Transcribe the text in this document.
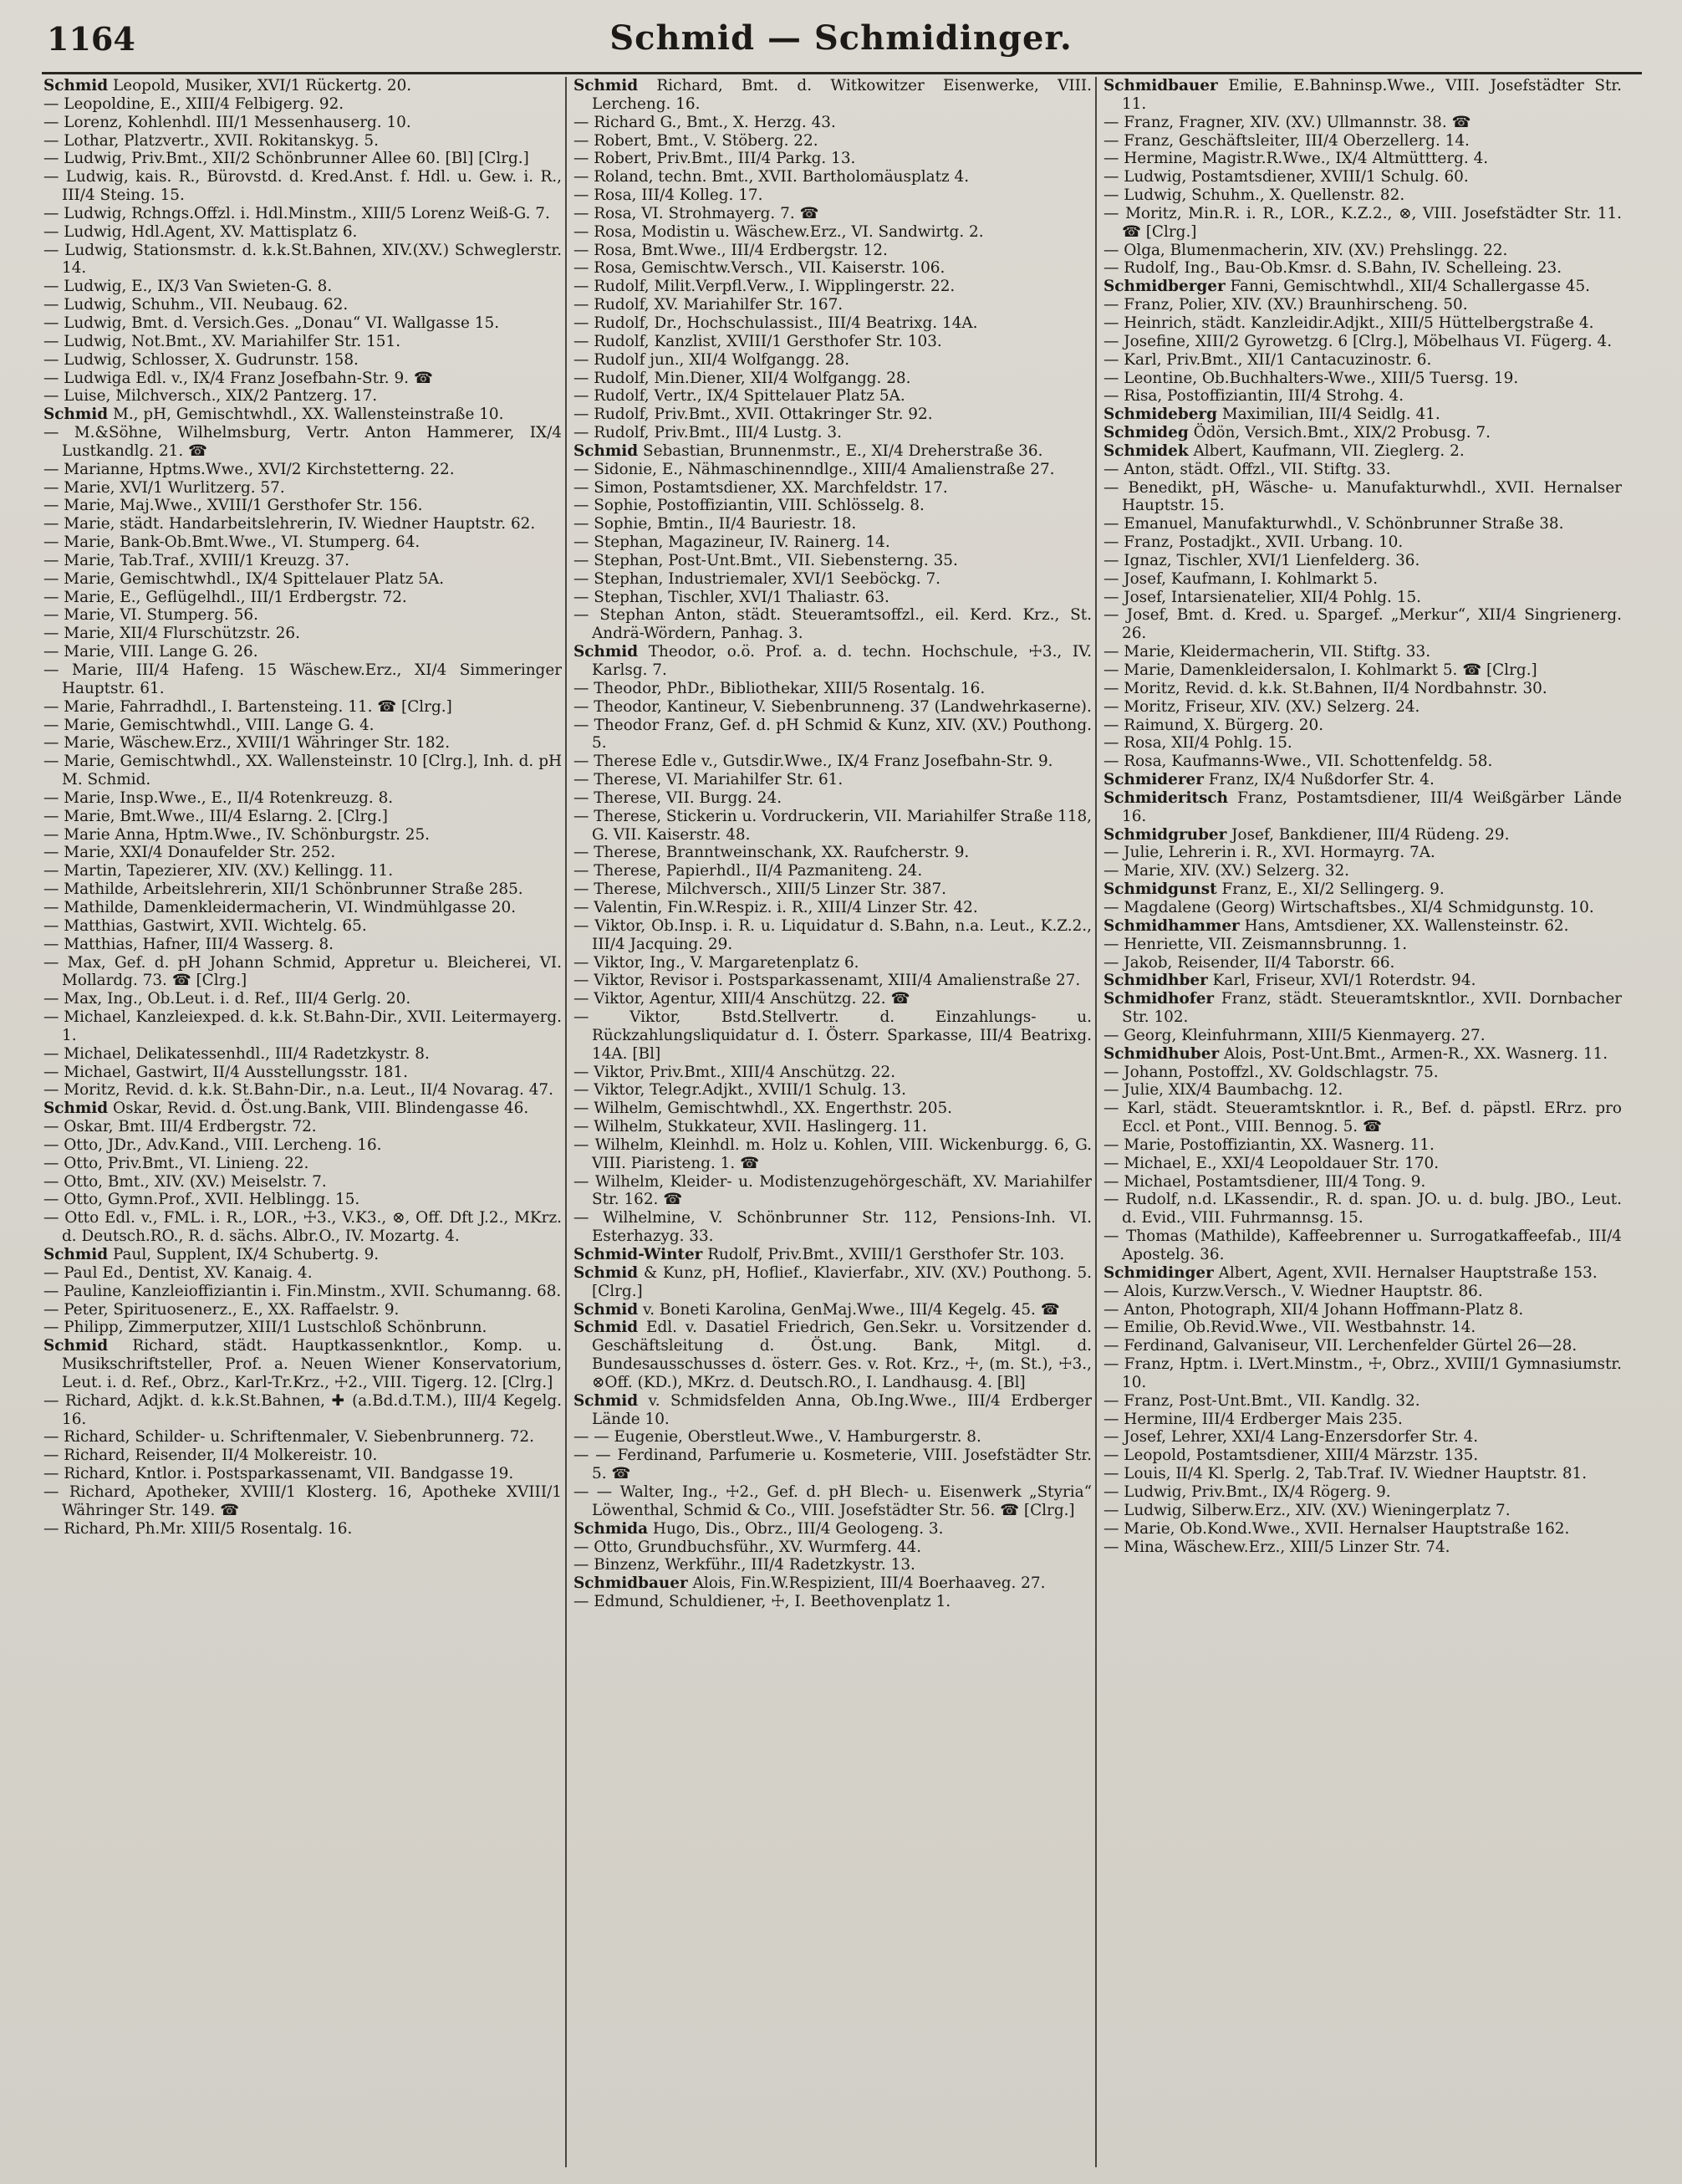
1164	Schmid — Schmidinger.

Schmid Leopold, Musiker, XVI/1 Rückertg. 20.

— Leopoldine, E., XIII/4 Felbigerg. 92.

— Lorenz, Kohlenhdl. III/1 Messenhauserg. 10.

— Lothar, Platzvertr., XVII. Rokitanskyg. 5.

— Ludwig, Priv.Bmt., XII/2 Schönbrunner Allee 60. [Bl] [Clrg.]

— Ludwig, kais. R., Bürovstd. d. Kred.Anst. f. Hdl. u. Gew. i. R., III/4 Steing. 15.

— Ludwig, Rchngs.Offzl. i. Hdl.Minstm., XIII/5 Lorenz Weiß-G. 7.

— Ludwig, Hdl.Agent, XV. Mattisplatz 6.

— Ludwig, Stationsmstr. d. k.k.St.Bahnen, XIV.(XV.) Schweglerstr. 14.

— Ludwig, E., IX/3 Van Swieten-G. 8.

— Ludwig, Schuhm., VII. Neubaug. 62.

— Ludwig, Bmt. d. Versich.Ges. „Donau“ VI. Wallgasse 15.

— Ludwig, Not.Bmt., XV. Mariahilfer Str. 151.

— Ludwig, Schlosser, X. Gudrunstr. 158.

— Ludwiga Edl. v., IX/4 Franz Josefbahn-Str. 9. ☎

— Luise, Milchversch., XIX/2 Pantzerg. 17.

Schmid M., pH, Gemischtwhdl., XX. Wallensteinstraße 10.

— M.&Söhne, Wilhelmsburg, Vertr. Anton Hammerer, IX/4 Lustkandlg. 21. ☎

— Marianne, Hptms.Wwe., XVI/2 Kirchstetterng. 22.

— Marie, XVI/1 Wurlitzerg. 57.

— Marie, Maj.Wwe., XVIII/1 Gersthofer Str. 156.

— Marie, städt. Handarbeitslehrerin, IV. Wiedner Hauptstr. 62.

— Marie, Bank-Ob.Bmt.Wwe., VI. Stumperg. 64.

— Marie, Tab.Traf., XVIII/1 Kreuzg. 37.

— Marie, Gemischtwhdl., IX/4 Spittelauer Platz 5A.

— Marie, E., Geflügelhdl., III/1 Erdbergstr. 72.

— Marie, VI. Stumperg. 56.

— Marie, XII/4 Flurschützstr. 26.

— Marie, VIII. Lange G. 26.

— Marie, III/4 Hafeng. 15 Wäschew.Erz., XI/4 Simmeringer Hauptstr. 61.

— Marie, Fahrradhdl., I. Bartensteing. 11. ☎ [Clrg.]

— Marie, Gemischtwhdl., VIII. Lange G. 4.

— Marie, Wäschew.Erz., XVIII/1 Währinger Str. 182.

— Marie, Gemischtwhdl., XX. Wallensteinstr. 10 [Clrg.], Inh. d. pH M. Schmid.

— Marie, Insp.Wwe., E., II/4 Rotenkreuzg. 8.

— Marie, Bmt.Wwe., III/4 Eslarng. 2. [Clrg.]

— Marie Anna, Hptm.Wwe., IV. Schönburgstr. 25.

— Marie, XXI/4 Donaufelder Str. 252.

— Martin, Tapezierer, XIV. (XV.) Kellingg. 11.

— Mathilde, Arbeitslehrerin, XII/1 Schönbrunner Straße 285.

— Mathilde, Damenkleidermacherin, VI. Windmühlgasse 20.

— Matthias, Gastwirt, XVII. Wichtelg. 65.

— Matthias, Hafner, III/4 Wasserg. 8.

— Max, Gef. d. pH Johann Schmid, Appretur u. Bleicherei, VI. Mollardg. 73. ☎ [Clrg.]

— Max, Ing., Ob.Leut. i. d. Ref., III/4 Gerlg. 20.

— Michael, Kanzleiexped. d. k.k. St.Bahn-Dir., XVII. Leitermayerg. 1.

— Michael, Delikatessenhdl., III/4 Radetzkystr. 8.

— Michael, Gastwirt, II/4 Ausstellungsstr. 181.

— Moritz, Revid. d. k.k. St.Bahn-Dir., n.a. Leut., II/4 Novarag. 47.

Schmid Oskar, Revid. d. Öst.ung.Bank, VIII. Blindengasse 46.

— Oskar, Bmt. III/4 Erdbergstr. 72.

— Otto, JDr., Adv.Kand., VIII. Lercheng. 16.

— Otto, Priv.Bmt., VI. Linieng. 22.

— Otto, Bmt., XIV. (XV.) Meiselstr. 7.

— Otto, Gymn.Prof., XVII. Helblingg. 15.

— Otto Edl. v., FML. i. R., LOR., ☩3., V.K3., ⊗, Off. Dft J.2., MKrz. d. Deutsch.RO., R. d. sächs. Albr.O., IV. Mozartg. 4.

Schmid Paul, Supplent, IX/4 Schubertg. 9.

— Paul Ed., Dentist, XV. Kanaig. 4.

— Pauline, Kanzleioffiziantin i. Fin.Minstm., XVII. Schumanng. 68.

— Peter, Spirituosenerz., E., XX. Raffaelstr. 9.

— Philipp, Zimmerputzer, XIII/1 Lustschloß Schönbrunn.

Schmid Richard, städt. Hauptkassenkntlor., Komp. u. Musikschriftsteller, Prof. a. Neuen Wiener Konservatorium, Leut. i. d. Ref., Obrz., Karl-Tr.Krz., ☩2., VIII. Tigerg. 12. [Clrg.]

— Richard, Adjkt. d. k.k.St.Bahnen, ✚ (a.Bd.d.T.M.), III/4 Kegelg. 16.

— Richard, Schilder- u. Schriftenmaler, V. Siebenbrunnerg. 72.

— Richard, Reisender, II/4 Molkereistr. 10.

— Richard, Kntlor. i. Postsparkassenamt, VII. Bandgasse 19.

— Richard, Apotheker, XVIII/1 Klosterg. 16, Apotheke XVIII/1 Währinger Str. 149. ☎

— Richard, Ph.Mr. XIII/5 Rosentalg. 16.

Schmid Richard, Bmt. d. Witkowitzer Eisenwerke, VIII. Lercheng. 16.

— Richard G., Bmt., X. Herzg. 43.

— Robert, Bmt., V. Stöberg. 22.

— Robert, Priv.Bmt., III/4 Parkg. 13.

— Roland, techn. Bmt., XVII. Bartholomäusplatz 4.

— Rosa, III/4 Kolleg. 17.

— Rosa, VI. Strohmayerg. 7. ☎

— Rosa, Modistin u. Wäschew.Erz., VI. Sandwirtg. 2.

— Rosa, Bmt.Wwe., III/4 Erdbergstr. 12.

— Rosa, Gemischtw.Versch., VII. Kaiserstr. 106.

— Rudolf, Milit.Verpfl.Verw., I. Wipplingerstr. 22.

— Rudolf, XV. Mariahilfer Str. 167.

— Rudolf, Dr., Hochschulassist., III/4 Beatrixg. 14A.

— Rudolf, Kanzlist, XVIII/1 Gersthofer Str. 103.

— Rudolf jun., XII/4 Wolfgangg. 28.

— Rudolf, Min.Diener, XII/4 Wolfgangg. 28.

— Rudolf, Vertr., IX/4 Spittelauer Platz 5A.

— Rudolf, Priv.Bmt., XVII. Ottakringer Str. 92.

— Rudolf, Priv.Bmt., III/4 Lustg. 3.

Schmid Sebastian, Brunnenmstr., E., XI/4 Dreherstraße 36.

— Sidonie, E., Nähmaschinenndlge., XIII/4 Amalienstraße 27.

— Simon, Postamtsdiener, XX. Marchfeldstr. 17.

— Sophie, Postoffiziantin, VIII. Schlösselg. 8.

— Sophie, Bmtin., II/4 Bauriestr. 18.

— Stephan, Magazineur, IV. Rainerg. 14.

— Stephan, Post-Unt.Bmt., VII. Siebensterng. 35.

— Stephan, Industriemaler, XVI/1 Seeböckg. 7.

— Stephan, Tischler, XVI/1 Thaliastr. 63.

— Stephan Anton, städt. Steueramtsoffzl., eil. Kerd. Krz., St. Andrä-Wördern, Panhag. 3.

Schmid Theodor, o.ö. Prof. a. d. techn. Hochschule, ☩3., IV. Karlsg. 7.

— Theodor, PhDr., Bibliothekar, XIII/5 Rosentalg. 16.

— Theodor, Kantineur, V. Siebenbrunneng. 37 (Landwehrkaserne).

— Theodor Franz, Gef. d. pH Schmid & Kunz, XIV. (XV.) Pouthong. 5.

— Therese Edle v., Gutsdir.Wwe., IX/4 Franz Josefbahn-Str. 9.

— Therese, VI. Mariahilfer Str. 61.

— Therese, VII. Burgg. 24.

— Therese, Stickerin u. Vordruckerin, VII. Mariahilfer Straße 118, G. VII. Kaiserstr. 48.

— Therese, Branntweinschank, XX. Raufcherstr. 9.

— Therese, Papierhdl., II/4 Pazmaniteng. 24.

— Therese, Milchversch., XIII/5 Linzer Str. 387.

— Valentin, Fin.W.Respiz. i. R., XIII/4 Linzer Str. 42.

— Viktor, Ob.Insp. i. R. u. Liquidatur d. S.Bahn, n.a. Leut., K.Z.2., III/4 Jacquing. 29.

— Viktor, Ing., V. Margaretenplatz 6.

— Viktor, Revisor i. Postsparkassenamt, XIII/4 Amalienstraße 27.

— Viktor, Agentur, XIII/4 Anschützg. 22. ☎

— Viktor, Bstd.Stellvertr. d. Einzahlungs- u. Rückzahlungsliquidatur d. I. Österr. Sparkasse, III/4 Beatrixg. 14A. [Bl]

— Viktor, Priv.Bmt., XIII/4 Anschützg. 22.

— Viktor, Telegr.Adjkt., XVIII/1 Schulg. 13.

— Wilhelm, Gemischtwhdl., XX. Engerthstr. 205.

— Wilhelm, Stukkateur, XVII. Haslingerg. 11.

— Wilhelm, Kleinhdl. m. Holz u. Kohlen, VIII. Wickenburgg. 6, G. VIII. Piaristeng. 1. ☎

— Wilhelm, Kleider- u. Modistenzugehörgeschäft, XV. Mariahilfer Str. 162. ☎

— Wilhelmine, V. Schönbrunner Str. 112, Pensions-Inh. VI. Esterhazyg. 33.

Schmid-Winter Rudolf, Priv.Bmt., XVIII/1 Gersthofer Str. 103.

Schmid & Kunz, pH, Hoflief., Klavierfabr., XIV. (XV.) Pouthong. 5. [Clrg.]

Schmid v. Boneti Karolina, GenMaj.Wwe., III/4 Kegelg. 45. ☎

Schmid Edl. v. Dasatiel Friedrich, Gen.Sekr. u. Vorsitzender d. Geschäftsleitung d. Öst.ung. Bank, Mitgl. d. Bundesausschusses d. österr. Ges. v. Rot. Krz., ☩, (m. St.), ☩3., ⊗Off. (KD.), MKrz. d. Deutsch.RO., I. Landhausg. 4. [Bl]

Schmid v. Schmidsfelden Anna, Ob.Ing.Wwe., III/4 Erdberger Lände 10.

— — Eugenie, Oberstleut.Wwe., V. Hamburgerstr. 8.

— — Ferdinand, Parfumerie u. Kosmeterie, VIII. Josefstädter Str. 5. ☎

— — Walter, Ing., ☩2., Gef. d. pH Blech- u. Eisenwerk „Styria“ Löwenthal, Schmid & Co., VIII. Josefstädter Str. 56. ☎ [Clrg.]

Schmida Hugo, Dis., Obrz., III/4 Geologeng. 3.

— Otto, Grundbuchsführ., XV. Wurmferg. 44.

— Binzenz, Werkführ., III/4 Radetzkystr. 13.

Schmidbauer Alois, Fin.W.Respizient, III/4 Boerhaaveg. 27.

— Edmund, Schuldiener, ☩, I. Beethovenplatz 1.

Schmidbauer Emilie, E.Bahninsp.Wwe., VIII. Josefstädter Str. 11.

— Franz, Fragner, XIV. (XV.) Ullmannstr. 38. ☎

— Franz, Geschäftsleiter, III/4 Oberzellerg. 14.

— Hermine, Magistr.R.Wwe., IX/4 Altmüttterg. 4.

— Ludwig, Postamtsdiener, XVIII/1 Schulg. 60.

— Ludwig, Schuhm., X. Quellenstr. 82.

— Moritz, Min.R. i. R., LOR., K.Z.2., ⊗, VIII. Josefstädter Str. 11. ☎ [Clrg.]

— Olga, Blumenmacherin, XIV. (XV.) Prehslingg. 22.

— Rudolf, Ing., Bau-Ob.Kmsr. d. S.Bahn, IV. Schelleing. 23.

Schmidberger Fanni, Gemischtwhdl., XII/4 Schallergasse 45.

— Franz, Polier, XIV. (XV.) Braunhirscheng. 50.

— Heinrich, städt. Kanzleidir.Adjkt., XIII/5 Hüttelbergstraße 4.

— Josefine, XIII/2 Gyrowetzg. 6 [Clrg.], Möbelhaus VI. Fügerg. 4.

— Karl, Priv.Bmt., XII/1 Cantacuzinostr. 6.

— Leontine, Ob.Buchhalters-Wwe., XIII/5 Tuersg. 19.

— Risa, Postoffiziantin, III/4 Strohg. 4.

Schmideberg Maximilian, III/4 Seidlg. 41.

Schmideg Ödön, Versich.Bmt., XIX/2 Probusg. 7.

Schmidek Albert, Kaufmann, VII. Zieglerg. 2.

— Anton, städt. Offzl., VII. Stiftg. 33.

— Benedikt, pH, Wäsche- u. Manufakturwhdl., XVII. Hernalser Hauptstr. 15.

— Emanuel, Manufakturwhdl., V. Schönbrunner Straße 38.

— Franz, Postadjkt., XVII. Urbang. 10.

— Ignaz, Tischler, XVI/1 Lienfelderg. 36.

— Josef, Kaufmann, I. Kohlmarkt 5.

— Josef, Intarsienatelier, XII/4 Pohlg. 15.

— Josef, Bmt. d. Kred. u. Spargef. „Merkur“, XII/4 Singrienerg. 26.

— Marie, Kleidermacherin, VII. Stiftg. 33.

— Marie, Damenkleidersalon, I. Kohlmarkt 5. ☎ [Clrg.]

— Moritz, Revid. d. k.k. St.Bahnen, II/4 Nordbahnstr. 30.

— Moritz, Friseur, XIV. (XV.) Selzerg. 24.

— Raimund, X. Bürgerg. 20.

— Rosa, XII/4 Pohlg. 15.

— Rosa, Kaufmanns-Wwe., VII. Schottenfeldg. 58.

Schmiderer Franz, IX/4 Nußdorfer Str. 4.

Schmideritsch Franz, Postamtsdiener, III/4 Weißgärber Lände 16.

Schmidgruber Josef, Bankdiener, III/4 Rüdeng. 29.

— Julie, Lehrerin i. R., XVI. Hormayrg. 7A.

— Marie, XIV. (XV.) Selzerg. 32.

Schmidgunst Franz, E., XI/2 Sellingerg. 9.

— Magdalene (Georg) Wirtschaftsbes., XI/4 Schmidgunstg. 10.

Schmidhammer Hans, Amtsdiener, XX. Wallensteinstr. 62.

— Henriette, VII. Zeismannsbrunng. 1.

— Jakob, Reisender, II/4 Taborstr. 66.

Schmidhber Karl, Friseur, XVI/1 Roterdstr. 94.

Schmidhofer Franz, städt. Steueramtskntlor., XVII. Dornbacher Str. 102.

— Georg, Kleinfuhrmann, XIII/5 Kienmayerg. 27.

Schmidhuber Alois, Post-Unt.Bmt., Armen-R., XX. Wasnerg. 11.

— Johann, Postoffzl., XV. Goldschlagstr. 75.

— Julie, XIX/4 Baumbachg. 12.

— Karl, städt. Steueramtskntlor. i. R., Bef. d. päpstl. ERrz. pro Eccl. et Pont., VIII. Bennog. 5. ☎

— Marie, Postoffiziantin, XX. Wasnerg. 11.

— Michael, E., XXI/4 Leopoldauer Str. 170.

— Michael, Postamtsdiener, III/4 Tong. 9.

— Rudolf, n.d. LKassendir., R. d. span. JO. u. d. bulg. JBO., Leut. d. Evid., VIII. Fuhrmannsg. 15.

— Thomas (Mathilde), Kaffeebrenner u. Surrogatkaffeefab., III/4 Apostelg. 36.

Schmidinger Albert, Agent, XVII. Hernalser Hauptstraße 153.

— Alois, Kurzw.Versch., V. Wiedner Hauptstr. 86.

— Anton, Photograph, XII/4 Johann Hoffmann-Platz 8.

— Emilie, Ob.Revid.Wwe., VII. Westbahnstr. 14.

— Ferdinand, Galvaniseur, VII. Lerchenfelder Gürtel 26—28.

— Franz, Hptm. i. LVert.Minstm., ☩, Obrz., XVIII/1 Gymnasiumstr. 10.

— Franz, Post-Unt.Bmt., VII. Kandlg. 32.

— Hermine, III/4 Erdberger Mais 235.

— Josef, Lehrer, XXI/4 Lang-Enzersdorfer Str. 4.

— Leopold, Postamtsdiener, XIII/4 Märzstr. 135.

— Louis, II/4 Kl. Sperlg. 2, Tab.Traf. IV. Wiedner Hauptstr. 81.

— Ludwig, Priv.Bmt., IX/4 Rögerg. 9.

— Ludwig, Silberw.Erz., XIV. (XV.) Wieningerplatz 7.

— Marie, Ob.Kond.Wwe., XVII. Hernalser Hauptstraße 162.

— Mina, Wäschew.Erz., XIII/5 Linzer Str. 74.
